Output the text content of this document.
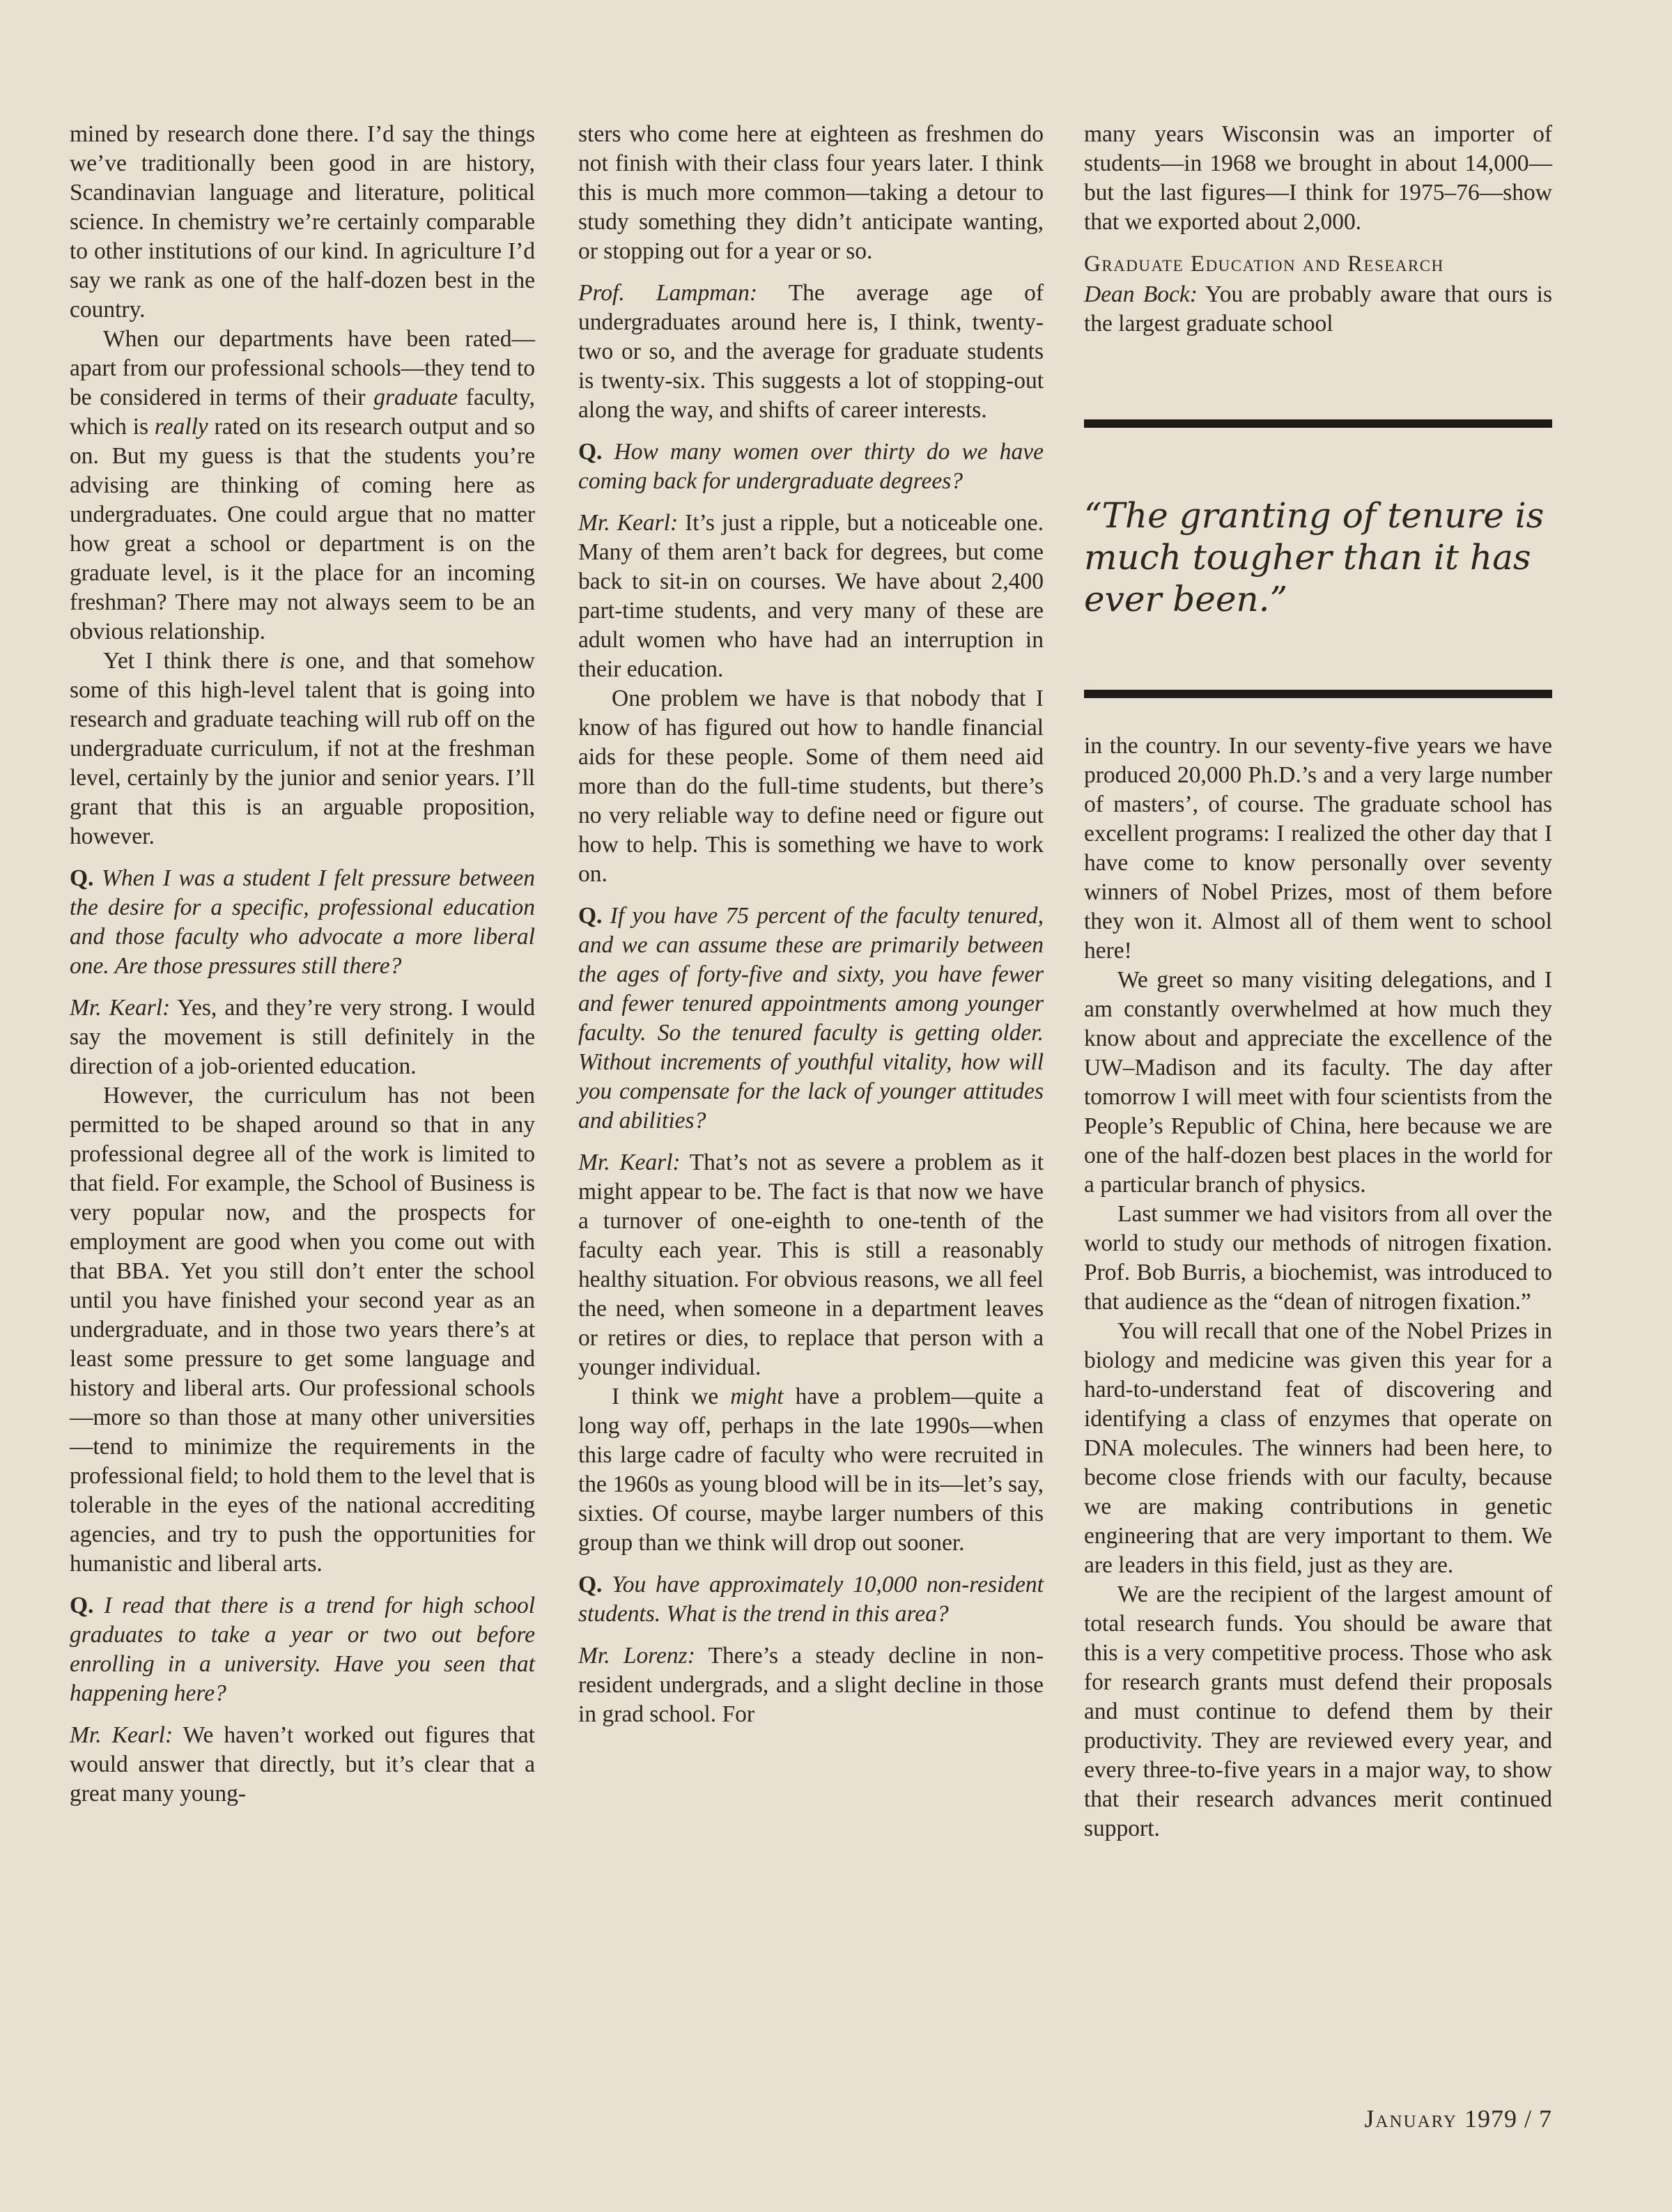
mined by research done there. I’d say the things we’ve traditionally been good in are history, Scandinavian language and literature, political science. In chemistry we’re certainly comparable to other institutions of our kind. In agriculture I’d say we rank as one of the half-dozen best in the country.

When our departments have been rated—apart from our professional schools—they tend to be considered in terms of their graduate faculty, which is really rated on its research output and so on. But my guess is that the students you’re advising are thinking of coming here as undergraduates. One could argue that no matter how great a school or department is on the graduate level, is it the place for an incoming freshman? There may not always seem to be an obvious relationship.

Yet I think there is one, and that somehow some of this high-level talent that is going into research and graduate teaching will rub off on the undergraduate curriculum, if not at the freshman level, certainly by the junior and senior years. I’ll grant that this is an arguable proposition, however.

Q. When I was a student I felt pressure between the desire for a specific, professional education and those faculty who advocate a more liberal one. Are those pressures still there?

Mr. Kearl: Yes, and they’re very strong. I would say the movement is still definitely in the direction of a job-oriented education.

However, the curriculum has not been permitted to be shaped around so that in any professional degree all of the work is limited to that field. For example, the School of Business is very popular now, and the prospects for employment are good when you come out with that BBA. Yet you still don’t enter the school until you have finished your second year as an undergraduate, and in those two years there’s at least some pressure to get some language and history and liberal arts. Our professional schools—more so than those at many other universities—tend to minimize the requirements in the professional field; to hold them to the level that is tolerable in the eyes of the national accrediting agencies, and try to push the opportunities for humanistic and liberal arts.

Q. I read that there is a trend for high school graduates to take a year or two out before enrolling in a university. Have you seen that happening here?

Mr. Kearl: We haven’t worked out figures that would answer that directly, but it’s clear that a great many young-

sters who come here at eighteen as freshmen do not finish with their class four years later. I think this is much more common—taking a detour to study something they didn’t anticipate wanting, or stopping out for a year or so.

Prof. Lampman: The average age of undergraduates around here is, I think, twenty-two or so, and the average for graduate students is twenty-six. This suggests a lot of stopping-out along the way, and shifts of career interests.

Q. How many women over thirty do we have coming back for undergraduate degrees?

Mr. Kearl: It’s just a ripple, but a noticeable one. Many of them aren’t back for degrees, but come back to sit-in on courses. We have about 2,400 part-time students, and very many of these are adult women who have had an interruption in their education.

One problem we have is that nobody that I know of has figured out how to handle financial aids for these people. Some of them need aid more than do the full-time students, but there’s no very reliable way to define need or figure out how to help. This is something we have to work on.

Q. If you have 75 percent of the faculty tenured, and we can assume these are primarily between the ages of forty-five and sixty, you have fewer and fewer tenured appointments among younger faculty. So the tenured faculty is getting older. Without increments of youthful vitality, how will you compensate for the lack of younger attitudes and abilities?

Mr. Kearl: That’s not as severe a problem as it might appear to be. The fact is that now we have a turnover of one-eighth to one-tenth of the faculty each year. This is still a reasonably healthy situation. For obvious reasons, we all feel the need, when someone in a department leaves or retires or dies, to replace that person with a younger individual.

I think we might have a problem—quite a long way off, perhaps in the late 1990s—when this large cadre of faculty who were recruited in the 1960s as young blood will be in its—let’s say, sixties. Of course, maybe larger numbers of this group than we think will drop out sooner.

Q. You have approximately 10,000 non-resident students. What is the trend in this area?

Mr. Lorenz: There’s a steady decline in non-resident undergrads, and a slight decline in those in grad school. For

many years Wisconsin was an importer of students—in 1968 we brought in about 14,000—but the last figures—I think for 1975–76—show that we exported about 2,000.

Graduate Education and Research

Dean Bock: You are probably aware that ours is the largest graduate school

“The granting of tenure is much tougher than it has ever been.”

in the country. In our seventy-five years we have produced 20,000 Ph.D.’s and a very large number of masters’, of course. The graduate school has excellent programs: I realized the other day that I have come to know personally over seventy winners of Nobel Prizes, most of them before they won it. Almost all of them went to school here!

We greet so many visiting delegations, and I am constantly overwhelmed at how much they know about and appreciate the excellence of the UW–Madison and its faculty. The day after tomorrow I will meet with four scientists from the People’s Republic of China, here because we are one of the half-dozen best places in the world for a particular branch of physics.

Last summer we had visitors from all over the world to study our methods of nitrogen fixation. Prof. Bob Burris, a biochemist, was introduced to that audience as the “dean of nitrogen fixation.”

You will recall that one of the Nobel Prizes in biology and medicine was given this year for a hard-to-understand feat of discovering and identifying a class of enzymes that operate on DNA molecules. The winners had been here, to become close friends with our faculty, because we are making contributions in genetic engineering that are very important to them. We are leaders in this field, just as they are.

We are the recipient of the largest amount of total research funds. You should be aware that this is a very competitive process. Those who ask for research grants must defend their proposals and must continue to defend them by their productivity. They are reviewed every year, and every three-to-five years in a major way, to show that their research advances merit continued support.

January 1979 / 7
